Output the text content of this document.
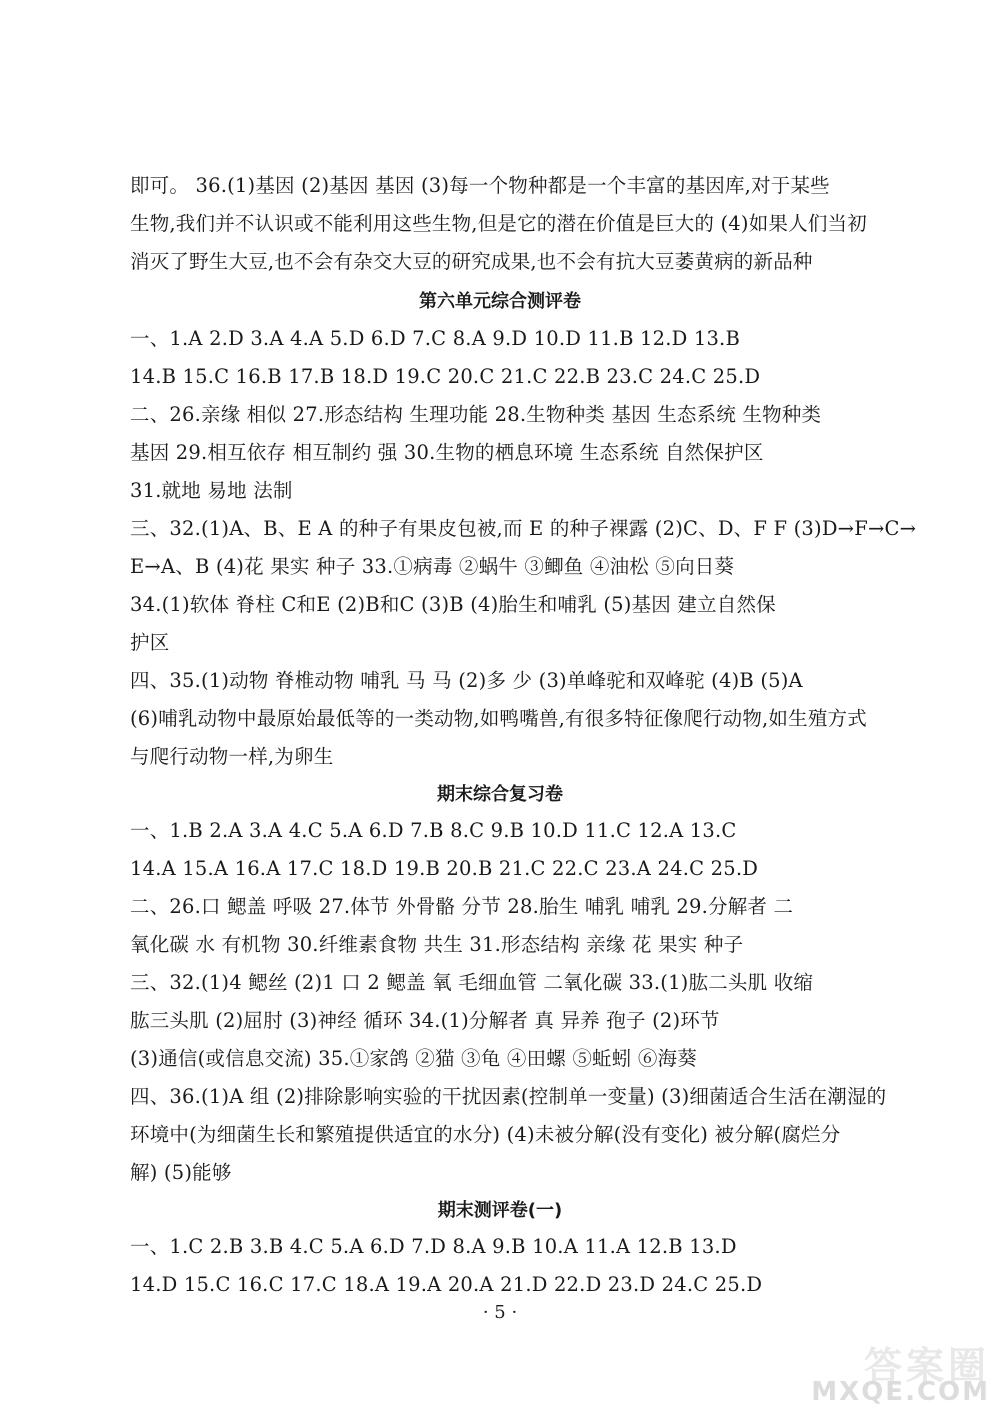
即可。 36.(1)基因 (2)基因 基因 (3)每一个物种都是一个丰富的基因库,对于某些
生物,我们并不认识或不能利用这些生物,但是它的潜在价值是巨大的 (4)如果人们当初
消灭了野生大豆,也不会有杂交大豆的研究成果,也不会有抗大豆萎黄病的新品种
第六单元综合测评卷
一、1.A 2.D 3.A 4.A 5.D 6.D 7.C 8.A 9.D 10.D 11.B 12.D 13.B
14.B 15.C 16.B 17.B 18.D 19.C 20.C 21.C 22.B 23.C 24.C 25.D
二、26.亲缘 相似 27.形态结构 生理功能 28.生物种类 基因 生态系统 生物种类
基因 29.相互依存 相互制约 强 30.生物的栖息环境 生态系统 自然保护区
31.就地 易地 法制
三、32.(1)A、B、E A 的种子有果皮包被,而 E 的种子裸露 (2)C、D、F F (3)D→F→C→
E→A、B (4)花 果实 种子 33.①病毒 ②蜗牛 ③鲫鱼 ④油松 ⑤向日葵
34.(1)软体 脊柱 C和E (2)B和C (3)B (4)胎生和哺乳 (5)基因 建立自然保
护区
四、35.(1)动物 脊椎动物 哺乳 马 马 (2)多 少 (3)单峰驼和双峰驼 (4)B (5)A
(6)哺乳动物中最原始最低等的一类动物,如鸭嘴兽,有很多特征像爬行动物,如生殖方式
与爬行动物一样,为卵生
期末综合复习卷
一、1.B 2.A 3.A 4.C 5.A 6.D 7.B 8.C 9.B 10.D 11.C 12.A 13.C
14.A 15.A 16.A 17.C 18.D 19.B 20.B 21.C 22.C 23.A 24.C 25.D
二、26.口 鳃盖 呼吸 27.体节 外骨骼 分节 28.胎生 哺乳 哺乳 29.分解者 二
氧化碳 水 有机物 30.纤维素食物 共生 31.形态结构 亲缘 花 果实 种子
三、32.(1)4 鳃丝 (2)1 口 2 鳃盖 氧 毛细血管 二氧化碳 33.(1)肱二头肌 收缩
肱三头肌 (2)屈肘 (3)神经 循环 34.(1)分解者 真 异养 孢子 (2)环节
(3)通信(或信息交流) 35.①家鸽 ②猫 ③龟 ④田螺 ⑤蚯蚓 ⑥海葵
四、36.(1)A 组 (2)排除影响实验的干扰因素(控制单一变量) (3)细菌适合生活在潮湿的
环境中(为细菌生长和繁殖提供适宜的水分) (4)未被分解(没有变化) 被分解(腐烂分
解) (5)能够
期末测评卷(一)
一、1.C 2.B 3.B 4.C 5.A 6.D 7.D 8.A 9.B 10.A 11.A 12.B 13.D
14.D 15.C 16.C 17.C 18.A 19.A 20.A 21.D 22.D 23.D 24.C 25.D
· 5 ·
答案圈
MXQE.COM
